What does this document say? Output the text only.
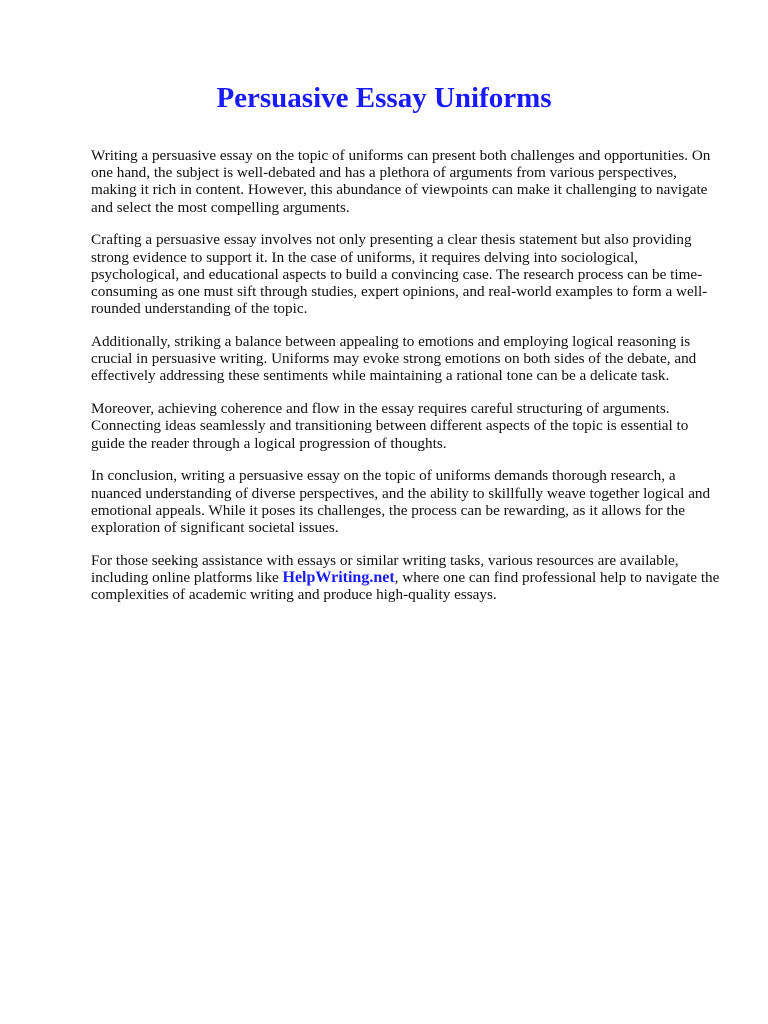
Persuasive Essay Uniforms

Writing a persuasive essay on the topic of uniforms can present both challenges and opportunities. On one hand, the subject is well-debated and has a plethora of arguments from various perspectives, making it rich in content. However, this abundance of viewpoints can make it challenging to navigate and select the most compelling arguments.

Crafting a persuasive essay involves not only presenting a clear thesis statement but also providing strong evidence to support it. In the case of uniforms, it requires delving into sociological, psychological, and educational aspects to build a convincing case. The research process can be time-consuming as one must sift through studies, expert opinions, and real-world examples to form a well-rounded understanding of the topic.

Additionally, striking a balance between appealing to emotions and employing logical reasoning is crucial in persuasive writing. Uniforms may evoke strong emotions on both sides of the debate, and effectively addressing these sentiments while maintaining a rational tone can be a delicate task.

Moreover, achieving coherence and flow in the essay requires careful structuring of arguments. Connecting ideas seamlessly and transitioning between different aspects of the topic is essential to guide the reader through a logical progression of thoughts.

In conclusion, writing a persuasive essay on the topic of uniforms demands thorough research, a nuanced understanding of diverse perspectives, and the ability to skillfully weave together logical and emotional appeals. While it poses its challenges, the process can be rewarding, as it allows for the exploration of significant societal issues.

For those seeking assistance with essays or similar writing tasks, various resources are available, including online platforms like HelpWriting.net, where one can find professional help to navigate the complexities of academic writing and produce high-quality essays.
